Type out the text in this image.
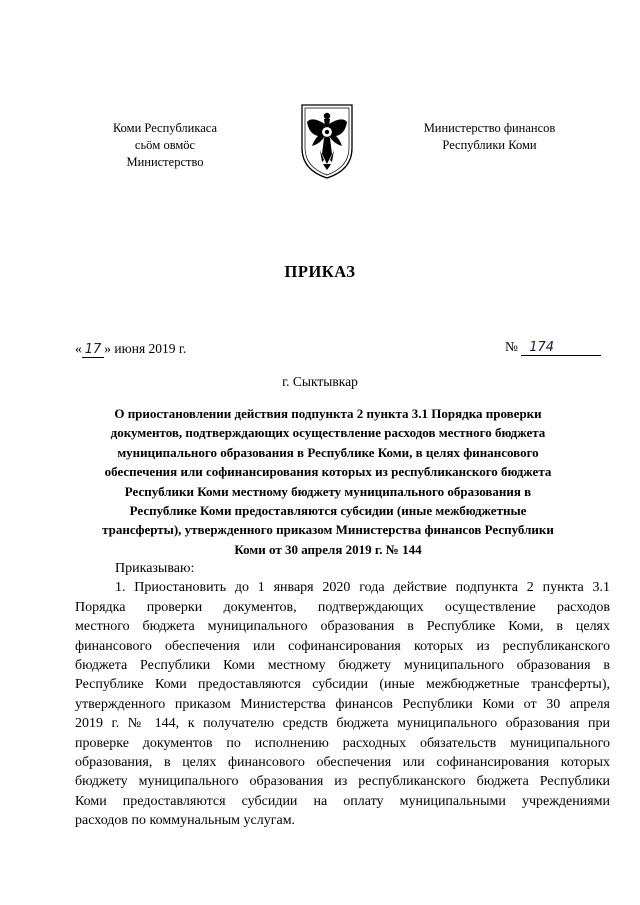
Коми Республикаса
сьӧм овмӧс
Министерство
Министерство финансов
Республики Коми
ПРИКАЗ
« 17 » июня 2019 г.	№ 174
г. Сыктывкар
О приостановлении действия подпункта 2 пункта 3.1 Порядка проверки
документов, подтверждающих осуществление расходов местного бюджета
муниципального образования в Республике Коми, в целях финансового
обеспечения или софинансирования которых из республиканского бюджета
Республики Коми местному бюджету муниципального образования в
Республике Коми предоставляются субсидии (иные межбюджетные
трансферты), утвержденного приказом Министерства финансов Республики
Коми от 30 апреля 2019 г. № 144
Приказываю:
1. Приостановить до 1 января 2020 года действие подпункта 2 пункта 3.1
Порядка проверки документов, подтверждающих осуществление расходов
местного бюджета муниципального образования в Республике Коми, в целях
финансового обеспечения или софинансирования которых из республиканского
бюджета Республики Коми местному бюджету муниципального образования в
Республике Коми предоставляются субсидии (иные межбюджетные трансферты),
утвержденного приказом Министерства финансов Республики Коми от 30 апреля
2019 г. № 144, к получателю средств бюджета муниципального образования при
проверке документов по исполнению расходных обязательств муниципального
образования, в целях финансового обеспечения или софинансирования которых
бюджету муниципального образования из республиканского бюджета Республики
Коми предоставляются субсидии на оплату муниципальными учреждениями
расходов по коммунальным услугам.
